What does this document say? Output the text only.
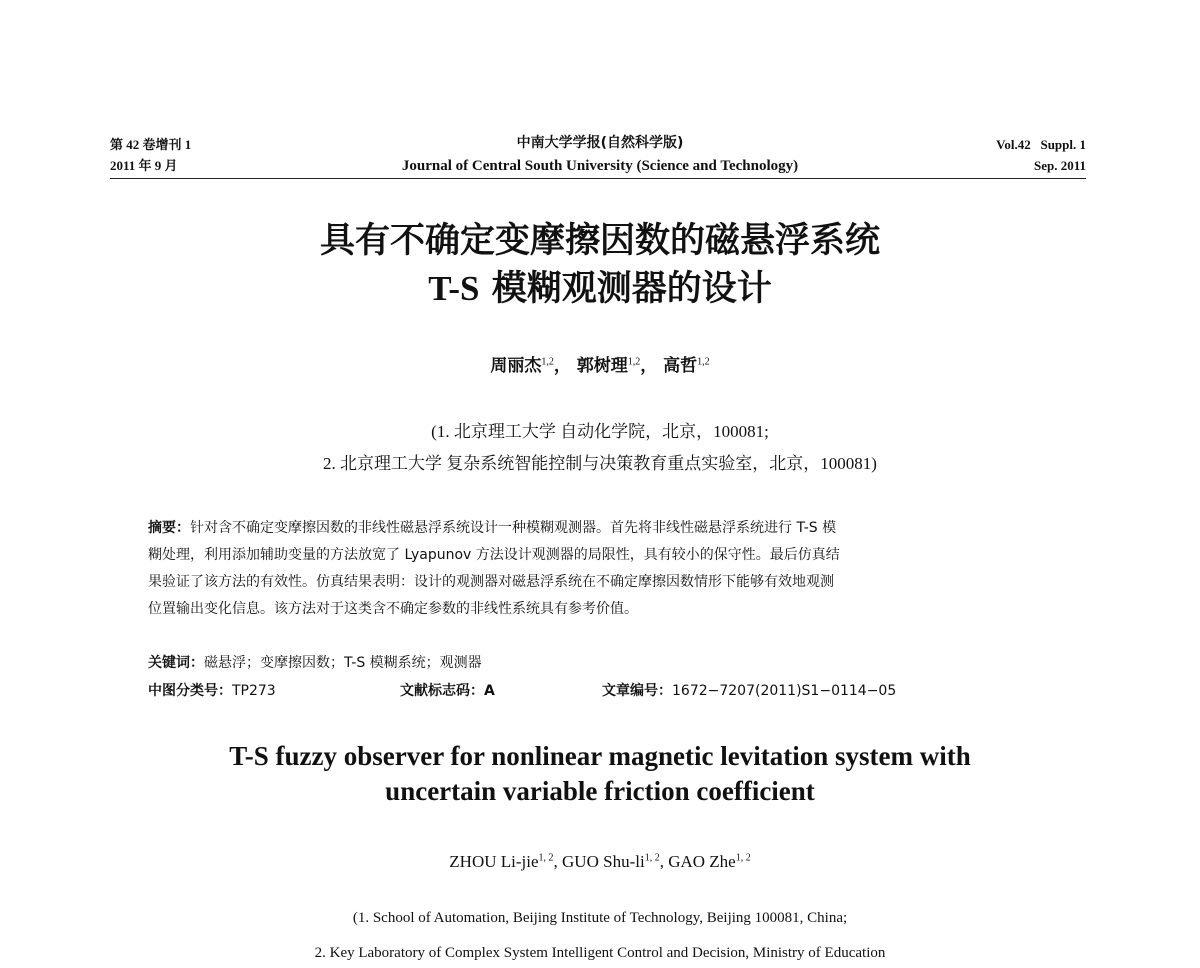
第 42 卷增刊 1
2011 年 9 月
中南大学学报(自然科学版)
Journal of Central South University (Science and Technology)
Vol.42   Suppl. 1
Sep. 2011
具有不确定变摩擦因数的磁悬浮系统
T-S 模糊观测器的设计
周丽杰$^{1,2}$， 郭树理$^{1,2}$， 高哲$^{1,2}$
(1. 北京理工大学 自动化学院，北京，100081;
2. 北京理工大学 复杂系统智能控制与决策教育重点实验室，北京，100081)
摘要：针对含不确定变摩擦因数的非线性磁悬浮系统设计一种模糊观测器。首先将非线性磁悬浮系统进行 T-S 模
糊处理，利用添加辅助变量的方法放宽了 Lyapunov 方法设计观测器的局限性，具有较小的保守性。最后仿真结
果验证了该方法的有效性。仿真结果表明：设计的观测器对磁悬浮系统在不确定摩擦因数情形下能够有效地观测
位置输出变化信息。该方法对于这类含不确定参数的非线性系统具有参考价值。
关键词：磁悬浮；变摩擦因数；T-S 模糊系统；观测器
中图分类号：TP273	文献标志码：A	文章编号：1672−7207(2011)S1−0114−05
T-S fuzzy observer for nonlinear magnetic levitation system with
uncertain variable friction coefficient
ZHOU Li-jie$^{1, 2}$, GUO Shu-li$^{1, 2}$, GAO Zhe$^{1, 2}$
(1. School of Automation, Beijing Institute of Technology, Beijing 100081, China;
2. Key Laboratory of Complex System Intelligent Control and Decision, Ministry of Education
